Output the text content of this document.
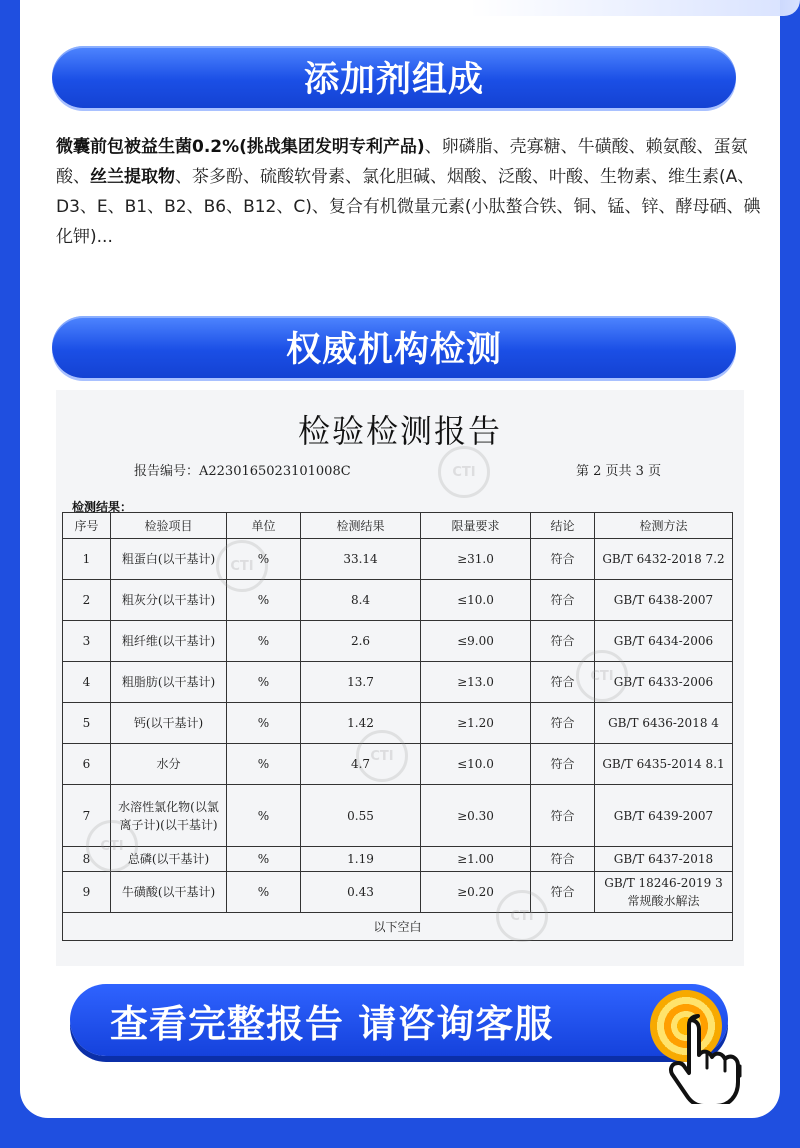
添加剂组成

微囊前包被益生菌0.2%(挑战集团发明专利产品)、卵磷脂、壳寡糖、牛磺酸、赖氨酸、蛋氨酸、丝兰提取物、茶多酚、硫酸软骨素、氯化胆碱、烟酸、泛酸、叶酸、生物素、维生素(A、D3、E、B1、B2、B6、B12、C)、复合有机微量元素(小肽螯合铁、铜、锰、锌、酵母硒、碘化钾)...

权威机构检测
检验检测报告
报告编号：A2230165023101008C	第 2 页共 3 页
检测结果：
序号	检验项目	单位	检测结果	限量要求	结论	检测方法
1	粗蛋白(以干基计)	%	33.14	≥31.0	符合	GB/T 6432-2018 7.2
2	粗灰分(以干基计)	%	8.4	≤10.0	符合	GB/T 6438-2007
3	粗纤维(以干基计)	%	2.6	≤9.00	符合	GB/T 6434-2006
4	粗脂肪(以干基计)	%	13.7	≥13.0	符合	GB/T 6433-2006
5	钙(以干基计)	%	1.42	≥1.20	符合	GB/T 6436-2018 4
6	水分	%	4.7	≤10.0	符合	GB/T 6435-2014 8.1
7	水溶性氯化物(以氯离子计)(以干基计)	%	0.55	≥0.30	符合	GB/T 6439-2007
8	总磷(以干基计)	%	1.19	≥1.00	符合	GB/T 6437-2018
9	牛磺酸(以干基计)	%	0.43	≥0.20	符合	GB/T 18246-2019 3 常规酸水解法
以下空白						
CTI
CTI
CTI
CTI
CTI
CTI
查看完整报告 请咨询客服
